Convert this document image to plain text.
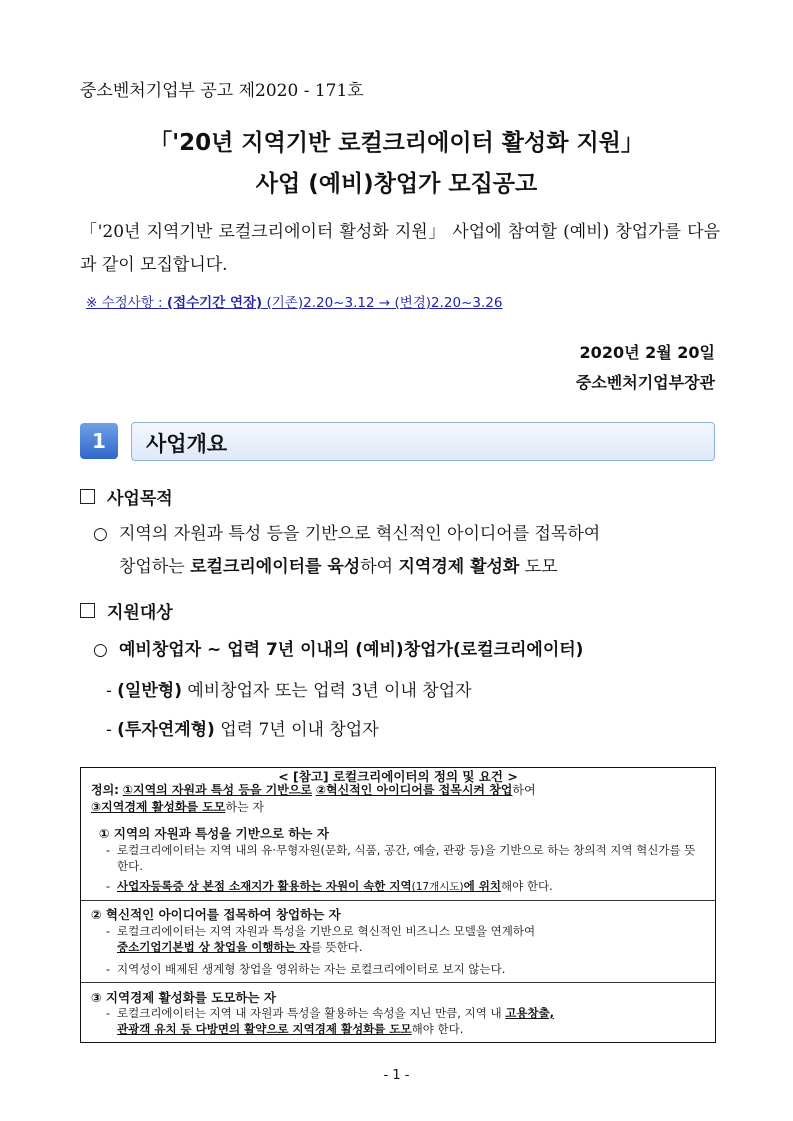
중소벤처기업부 공고 제2020 - 171호
「'20년 지역기반 로컬크리에이터 활성화 지원」
사업 (예비)창업가 모집공고
「'20년 지역기반 로컬크리에이터 활성화 지원」 사업에 참여할 (예비) 창업가를 다음과 같이 모집합니다.
※ 수정사항 : (접수기간 연장) (기존)2.20~3.12 → (변경)2.20~3.26
2020년 2월 20일
중소벤처기업부장관
1	사업개요
사업목적
○ 지역의 자원과 특성 등을 기반으로 혁신적인 아이디어를 접목하여
창업하는 로컬크리에이터를 육성하여 지역경제 활성화 도모
지원대상
○ 예비창업자 ~ 업력 7년 이내의 (예비)창업가(로컬크리에이터)
- (일반형) 예비창업자 또는 업력 3년 이내 창업자
- (투자연계형) 업력 7년 이내 창업자
< [참고] 로컬크리에이터의 정의 및 요건 >
정의: ①지역의 자원과 특성 등을 기반으로 ②혁신적인 아이디어를 접목시켜 창업하여
③지역경제 활성화를 도모하는 자
① 지역의 자원과 특성을 기반으로 하는 자
- 로컬크리에이터는 지역 내의 유·무형자원(문화, 식품, 공간, 예술, 관광 등)을 기반으로 하는 창의적 지역 혁신가를 뜻한다.
- 사업자등록증 상 본점 소재지가 활용하는 자원이 속한 지역(17개시도)에 위치해야 한다.
② 혁신적인 아이디어를 접목하여 창업하는 자
- 로컬크리에이터는 지역 자원과 특성을 기반으로 혁신적인 비즈니스 모델을 연계하여
중소기업기본법 상 창업을 이행하는 자를 뜻한다.
- 지역성이 배제된 생계형 창업을 영위하는 자는 로컬크리에이터로 보지 않는다.
③ 지역경제 활성화를 도모하는 자
- 로컬크리에이터는 지역 내 자원과 특성을 활용하는 속성을 지닌 만큼, 지역 내 고용창출,
관광객 유치 등 다방면의 활약으로 지역경제 활성화를 도모해야 한다.
- 1 -
